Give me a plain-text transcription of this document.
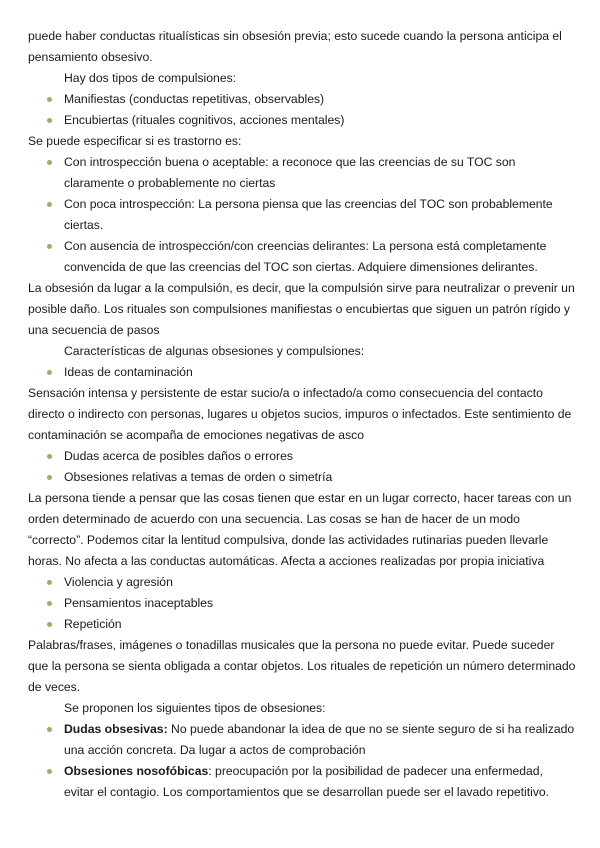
puede haber conductas ritualísticas sin obsesión previa; esto sucede cuando la persona anticipa el pensamiento obsesivo.

Hay dos tipos de compulsiones:

Manifiestas (conductas repetitivas, observables)
Encubiertas (rituales cognitivos, acciones mentales)

Se puede especificar si es trastorno es:

Con introspección buena o aceptable: a reconoce que las creencias de su TOC son claramente o probablemente no ciertas
Con poca introspección: La persona piensa que las creencias del TOC son probablemente ciertas.
Con ausencia de introspección/con creencias delirantes: La persona está completamente convencida de que las creencias del TOC son ciertas. Adquiere dimensiones delirantes.

La obsesión da lugar a la compulsión, es decir, que la compulsión sirve para neutralizar o prevenir un posible daño. Los rituales son compulsiones manifiestas o encubiertas que siguen un patrón rígido y una secuencia de pasos

Características de algunas obsesiones y compulsiones:

Ideas de contaminación

Sensación intensa y persistente de estar sucio/a o infectado/a como consecuencia del contacto directo o indirecto con personas, lugares u objetos sucios, impuros o infectados. Este sentimiento de contaminación se acompaña de emociones negativas de asco

Dudas acerca de posibles daños o errores
Obsesiones relativas a temas de orden o simetría

La persona tiende a pensar que las cosas tienen que estar en un lugar correcto, hacer tareas con un orden determinado de acuerdo con una secuencia. Las cosas se han de hacer de un modo “correcto”. Podemos citar la lentitud compulsiva, donde las actividades rutinarias pueden llevarle horas. No afecta a las conductas automáticas. Afecta a acciones realizadas por propia iniciativa

Violencia y agresión
Pensamientos inaceptables
Repetición

Palabras/frases, imágenes o tonadillas musicales que la persona no puede evitar. Puede suceder que la persona se sienta obligada a contar objetos. Los rituales de repetición un número determinado de veces.

Se proponen los siguientes tipos de obsesiones:

Dudas obsesivas: No puede abandonar la idea de que no se siente seguro de si ha realizado una acción concreta. Da lugar a actos de comprobación
Obsesiones nosofóbicas: preocupación por la posibilidad de padecer una enfermedad, evitar el contagio. Los comportamientos que se desarrollan puede ser el lavado repetitivo.
